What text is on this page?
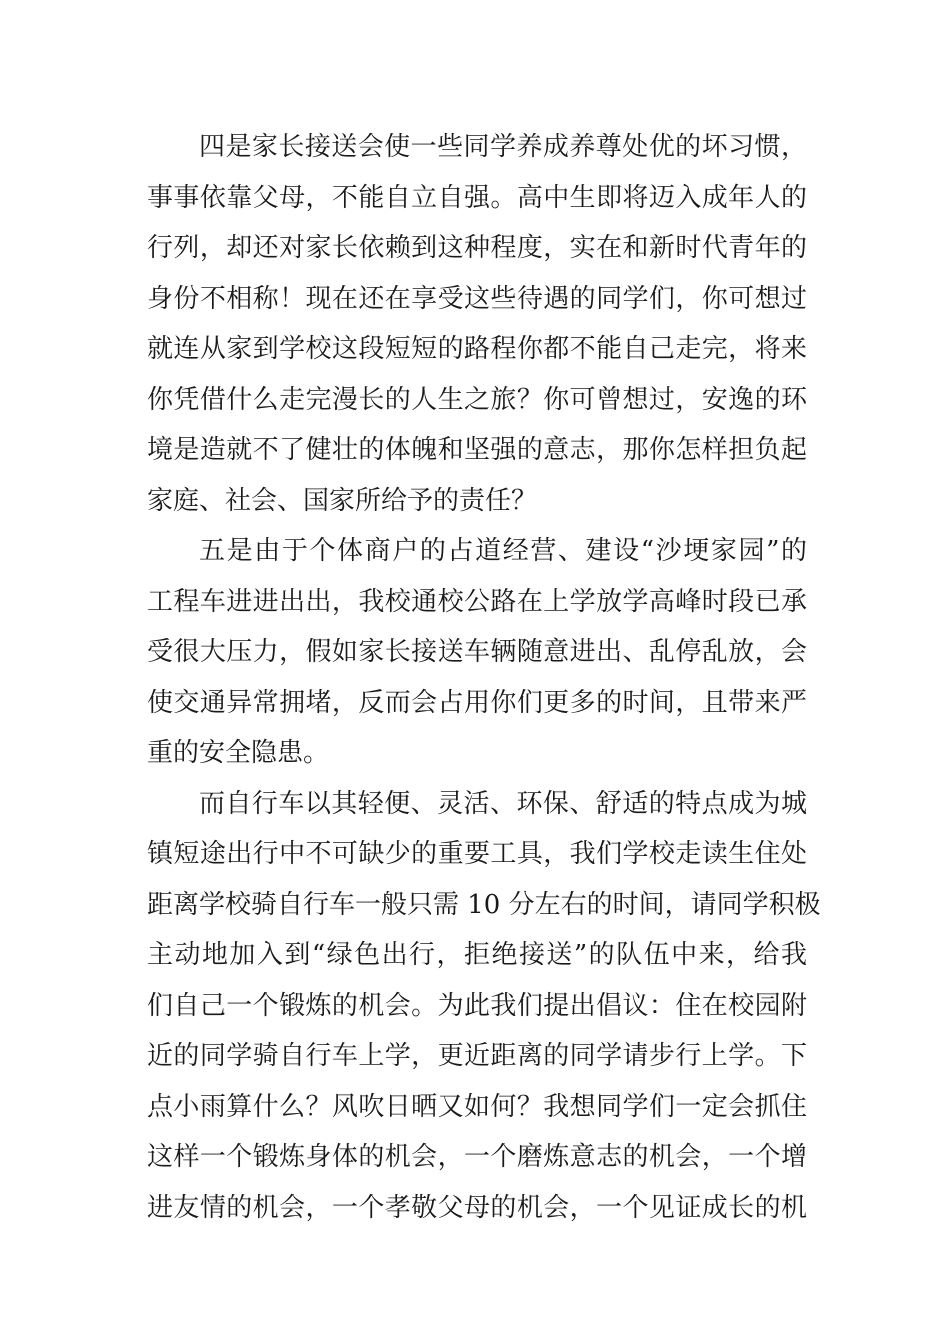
四是家长接送会使一些同学养成养尊处优的坏习惯，
事事依靠父母，不能自立自强。高中生即将迈入成年人的
行列，却还对家长依赖到这种程度，实在和新时代青年的
身份不相称！现在还在享受这些待遇的同学们，你可想过
就连从家到学校这段短短的路程你都不能自己走完，将来
你凭借什么走完漫长的人生之旅？你可曾想过，安逸的环
境是造就不了健壮的体魄和坚强的意志，那你怎样担负起
家庭、社会、国家所给予的责任？
五是由于个体商户的占道经营、建设“沙埂家园”的
工程车进进出出，我校通校公路在上学放学高峰时段已承
受很大压力，假如家长接送车辆随意进出、乱停乱放，会
使交通异常拥堵，反而会占用你们更多的时间，且带来严
重的安全隐患。
而自行车以其轻便、灵活、环保、舒适的特点成为城
镇短途出行中不可缺少的重要工具，我们学校走读生住处
距离学校骑自行车一般只需 10 分左右的时间，请同学积极
主动地加入到“绿色出行，拒绝接送”的队伍中来，给我
们自己一个锻炼的机会。为此我们提出倡议：住在校园附
近的同学骑自行车上学，更近距离的同学请步行上学。下
点小雨算什么？风吹日晒又如何？我想同学们一定会抓住
这样一个锻炼身体的机会，一个磨炼意志的机会，一个增
进友情的机会，一个孝敬父母的机会，一个见证成长的机
